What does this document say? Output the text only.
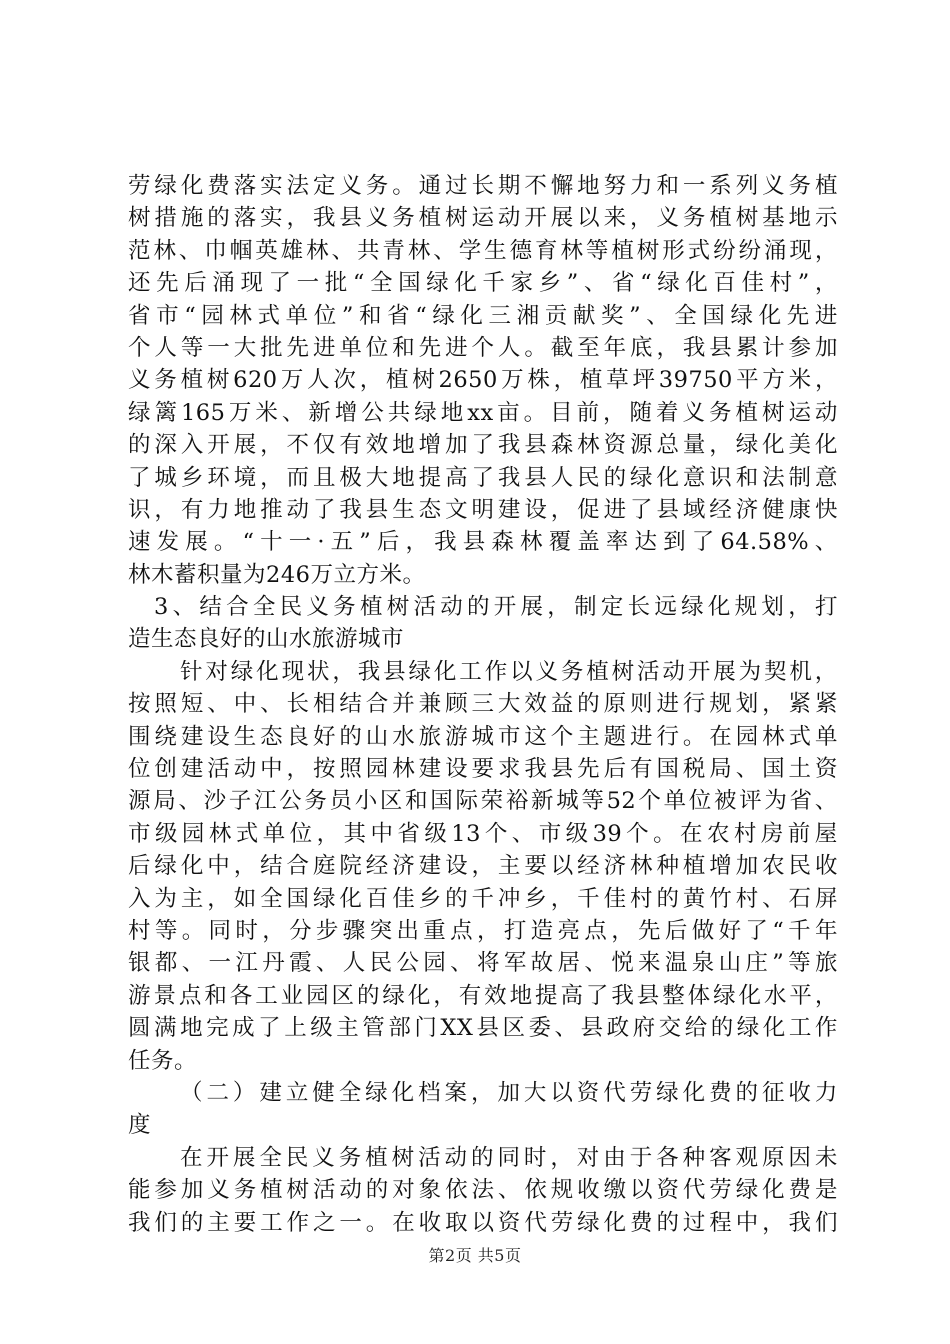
劳 绿 化 费 落 实 法 定 义 务 。 通 过 长 期 不 懈 地 努 力 和 一 系 列 义 务 植
树 措 施 的 落 实 ， 我 县 义 务 植 树 运 动 开 展 以 来 ， 义 务 植 树 基 地 示
范 林 、 巾 帼 英 雄 林 、 共 青 林 、 学 生 德 育 林 等 植 树 形 式 纷 纷 涌 现 ，
还 先 后 涌 现 了 一 批 “ 全 国 绿 化 千 家 乡 ” 、 省 “ 绿 化 百 佳 村 ” ，
省 市 “ 园 林 式 单 位 ” 和 省 “ 绿 化 三 湘 贡 献 奖 ” 、 全 国 绿 化 先 进
个 人 等 一 大 批 先 进 单 位 和 先 进 个 人 。 截 至 年 底 ， 我 县 累 计 参 加
义 务 植 树 620 万 人 次 ， 植 树 2650 万 株 ， 植 草 坪 39750 平 方 米 ，
绿 篱 165 万 米 、 新 增 公 共 绿 地 xx 亩 。 目 前 ， 随 着 义 务 植 树 运 动
的 深 入 开 展 ， 不 仅 有 效 地 增 加 了 我 县 森 林 资 源 总 量 ， 绿 化 美 化
了 城 乡 环 境 ， 而 且 极 大 地 提 高 了 我 县 人 民 的 绿 化 意 识 和 法 制 意
识 ， 有 力 地 推 动 了 我 县 生 态 文 明 建 设 ， 促 进 了 县 域 经 济 健 康 快
速 发 展 。 “ 十 一 · 五 ” 后 ， 我 县 森 林 覆 盖 率 达 到 了 64.58% 、
林木蓄积量为246万立方米。
3 、 结 合 全 民 义 务 植 树 活 动 的 开 展 ， 制 定 长 远 绿 化 规 划 ， 打
造生态良好的山水旅游城市
针 对 绿 化 现 状 ， 我 县 绿 化 工 作 以 义 务 植 树 活 动 开 展 为 契 机 ，
按 照 短 、 中 、 长 相 结 合 并 兼 顾 三 大 效 益 的 原 则 进 行 规 划 ， 紧 紧
围 绕 建 设 生 态 良 好 的 山 水 旅 游 城 市 这 个 主 题 进 行 。 在 园 林 式 单
位 创 建 活 动 中 ， 按 照 园 林 建 设 要 求 我 县 先 后 有 国 税 局 、 国 土 资
源 局 、 沙 子 江 公 务 员 小 区 和 国 际 荣 裕 新 城 等 52 个 单 位 被 评 为 省 、
市 级 园 林 式 单 位 ， 其 中 省 级 13 个 、 市 级 39 个 。 在 农 村 房 前 屋
后 绿 化 中 ， 结 合 庭 院 经 济 建 设 ， 主 要 以 经 济 林 种 植 增 加 农 民 收
入 为 主 ， 如 全 国 绿 化 百 佳 乡 的 千 冲 乡 ， 千 佳 村 的 黄 竹 村 、 石 屏
村 等 。 同 时 ， 分 步 骤 突 出 重 点 ， 打 造 亮 点 ， 先 后 做 好 了 “ 千 年
银 都 、 一 江 丹 霞 、 人 民 公 园 、 将 军 故 居 、 悦 来 温 泉 山 庄 ” 等 旅
游 景 点 和 各 工 业 园 区 的 绿 化 ， 有 效 地 提 高 了 我 县 整 体 绿 化 水 平 ，
圆 满 地 完 成 了 上 级 主 管 部 门 XX 县 区 委 、 县 政 府 交 给 的 绿 化 工 作
任务。
（ 二 ） 建 立 健 全 绿 化 档 案 ， 加 大 以 资 代 劳 绿 化 费 的 征 收 力
度
在 开 展 全 民 义 务 植 树 活 动 的 同 时 ， 对 由 于 各 种 客 观 原 因 未
能 参 加 义 务 植 树 活 动 的 对 象 依 法 、 依 规 收 缴 以 资 代 劳 绿 化 费 是
我 们 的 主 要 工 作 之 一 。 在 收 取 以 资 代 劳 绿 化 费 的 过 程 中 ， 我 们
第2页 共5页
